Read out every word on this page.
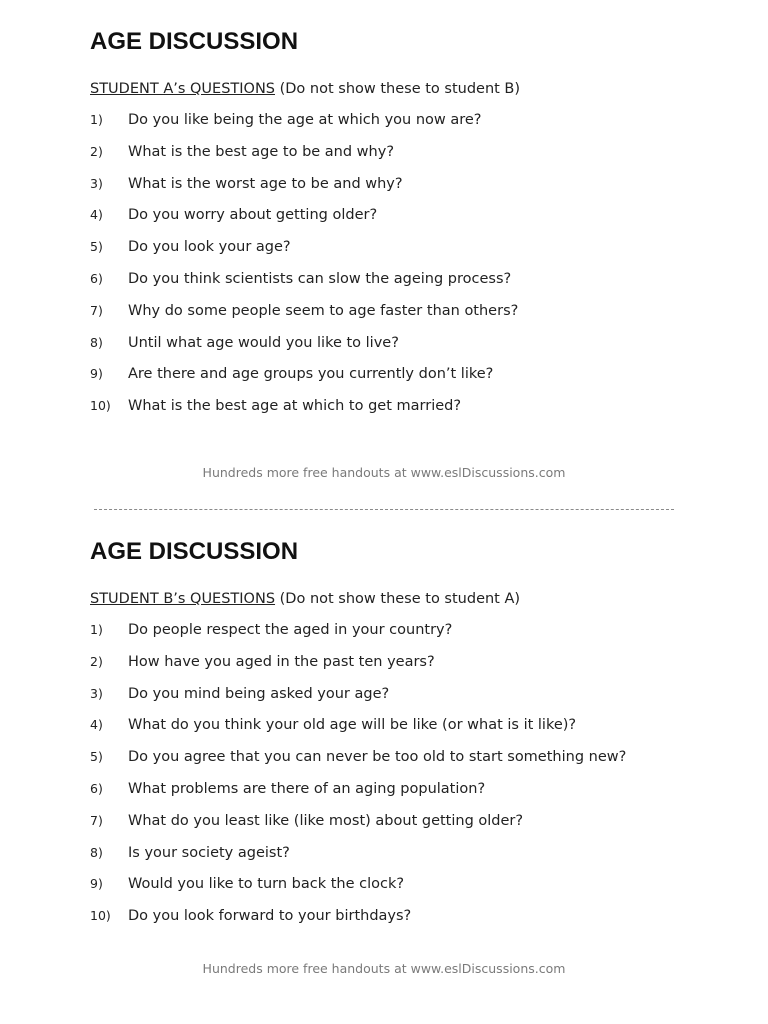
AGE DISCUSSION
STUDENT A’s QUESTIONS (Do not show these to student B)
1)	Do you like being the age at which you now are?
2)	What is the best age to be and why?
3)	What is the worst age to be and why?
4)	Do you worry about getting older?
5)	Do you look your age?
6)	Do you think scientists can slow the ageing process?
7)	Why do some people seem to age faster than others?
8)	Until what age would you like to live?
9)	Are there and age groups you currently don’t like?
10)	What is the best age at which to get married?
Hundreds more free handouts at www.eslDiscussions.com
AGE DISCUSSION
STUDENT B’s QUESTIONS (Do not show these to student A)
1)	Do people respect the aged in your country?
2)	How have you aged in the past ten years?
3)	Do you mind being asked your age?
4)	What do you think your old age will be like (or what is it like)?
5)	Do you agree that you can never be too old to start something new?
6)	What problems are there of an aging population?
7)	What do you least like (like most) about getting older?
8)	Is your society ageist?
9)	Would you like to turn back the clock?
10)	Do you look forward to your birthdays?
Hundreds more free handouts at www.eslDiscussions.com
